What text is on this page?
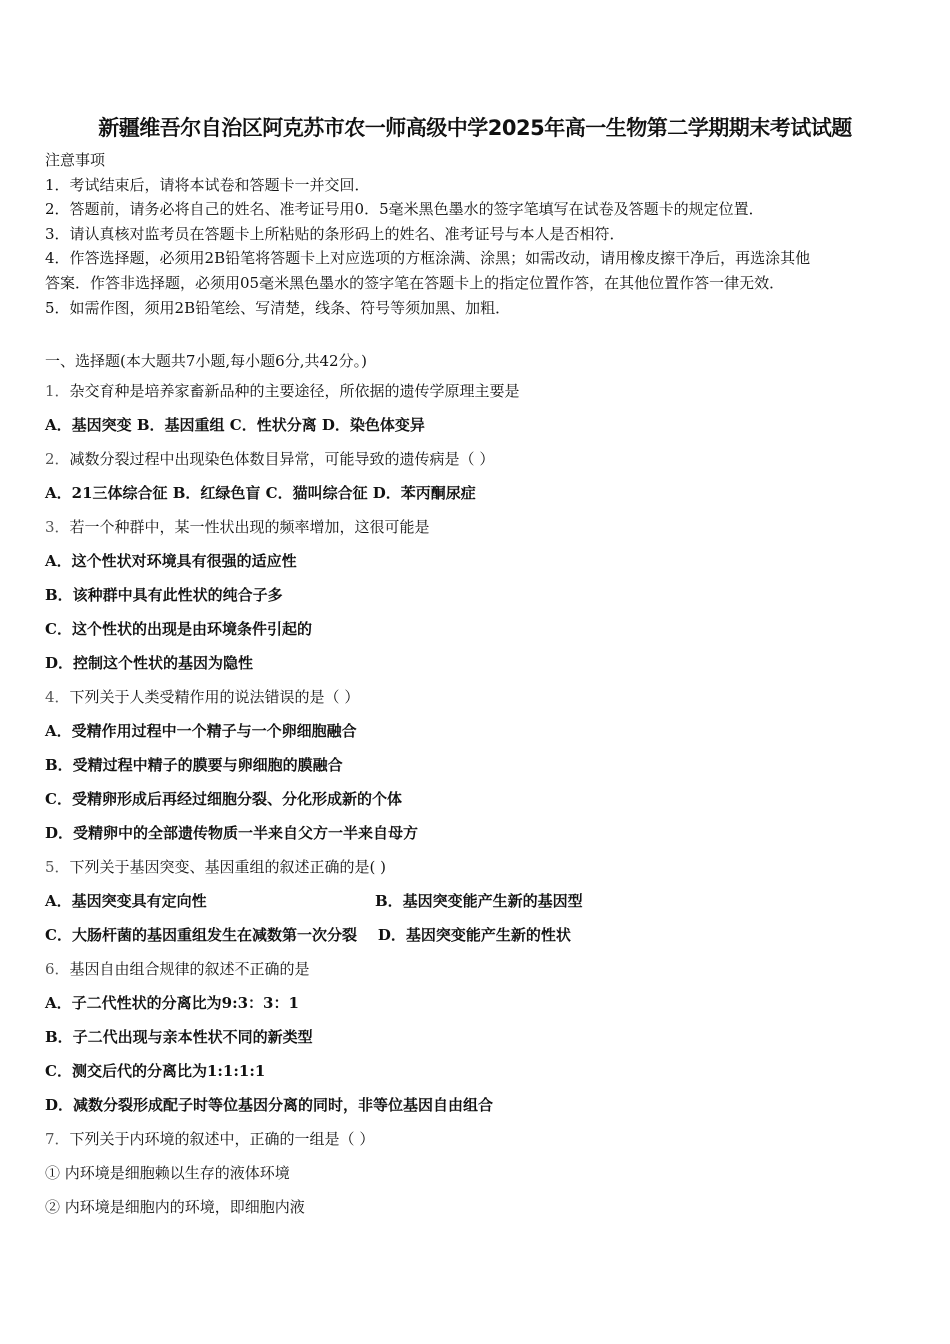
新疆维吾尔自治区阿克苏市农一师高级中学2025年高一生物第二学期期末考试试题
注意事项
1．考试结束后，请将本试卷和答题卡一并交回．
2．答题前，请务必将自己的姓名、准考证号用0．5毫米黑色墨水的签字笔填写在试卷及答题卡的规定位置．
3．请认真核对监考员在答题卡上所粘贴的条形码上的姓名、准考证号与本人是否相符．
4．作答选择题，必须用2B铅笔将答题卡上对应选项的方框涂满、涂黑；如需改动，请用橡皮擦干净后，再选涂其他
答案．作答非选择题，必须用05毫米黑色墨水的签字笔在答题卡上的指定位置作答，在其他位置作答一律无效．
5．如需作图，须用2B铅笔绘、写清楚，线条、符号等须加黑、加粗．
一、选择题(本大题共7小题,每小题6分,共42分。)
1．杂交育种是培养家畜新品种的主要途径，所依据的遗传学原理主要是
A．基因突变 B．基因重组 C．性状分离 D．染色体变异
2．减数分裂过程中出现染色体数目异常，可能导致的遗传病是（ ）
A．21三体综合征 B．红绿色盲 C．猫叫综合征 D．苯丙酮尿症
3．若一个种群中，某一性状出现的频率增加，这很可能是
A．这个性状对环境具有很强的适应性
B．该种群中具有此性状的纯合子多
C．这个性状的出现是由环境条件引起的
D．控制这个性状的基因为隐性
4．下列关于人类受精作用的说法错误的是（ ）
A．受精作用过程中一个精子与一个卵细胞融合
B．受精过程中精子的膜要与卵细胞的膜融合
C．受精卵形成后再经过细胞分裂、分化形成新的个体
D．受精卵中的全部遗传物质一半来自父方一半来自母方
5．下列关于基因突变、基因重组的叙述正确的是( )
A．基因突变具有定向性	B．基因突变能产生新的基因型
C．大肠杆菌的基因重组发生在减数第一次分裂 D．基因突变能产生新的性状
6．基因自由组合规律的叙述不正确的是
A．子二代性状的分离比为9:3：3：1
B．子二代出现与亲本性状不同的新类型
C．测交后代的分离比为1:1:1:1
D．减数分裂形成配子时等位基因分离的同时，非等位基因自由组合
7．下列关于内环境的叙述中，正确的一组是（ ）
① 内环境是细胞赖以生存的液体环境
② 内环境是细胞内的环境，即细胞内液
